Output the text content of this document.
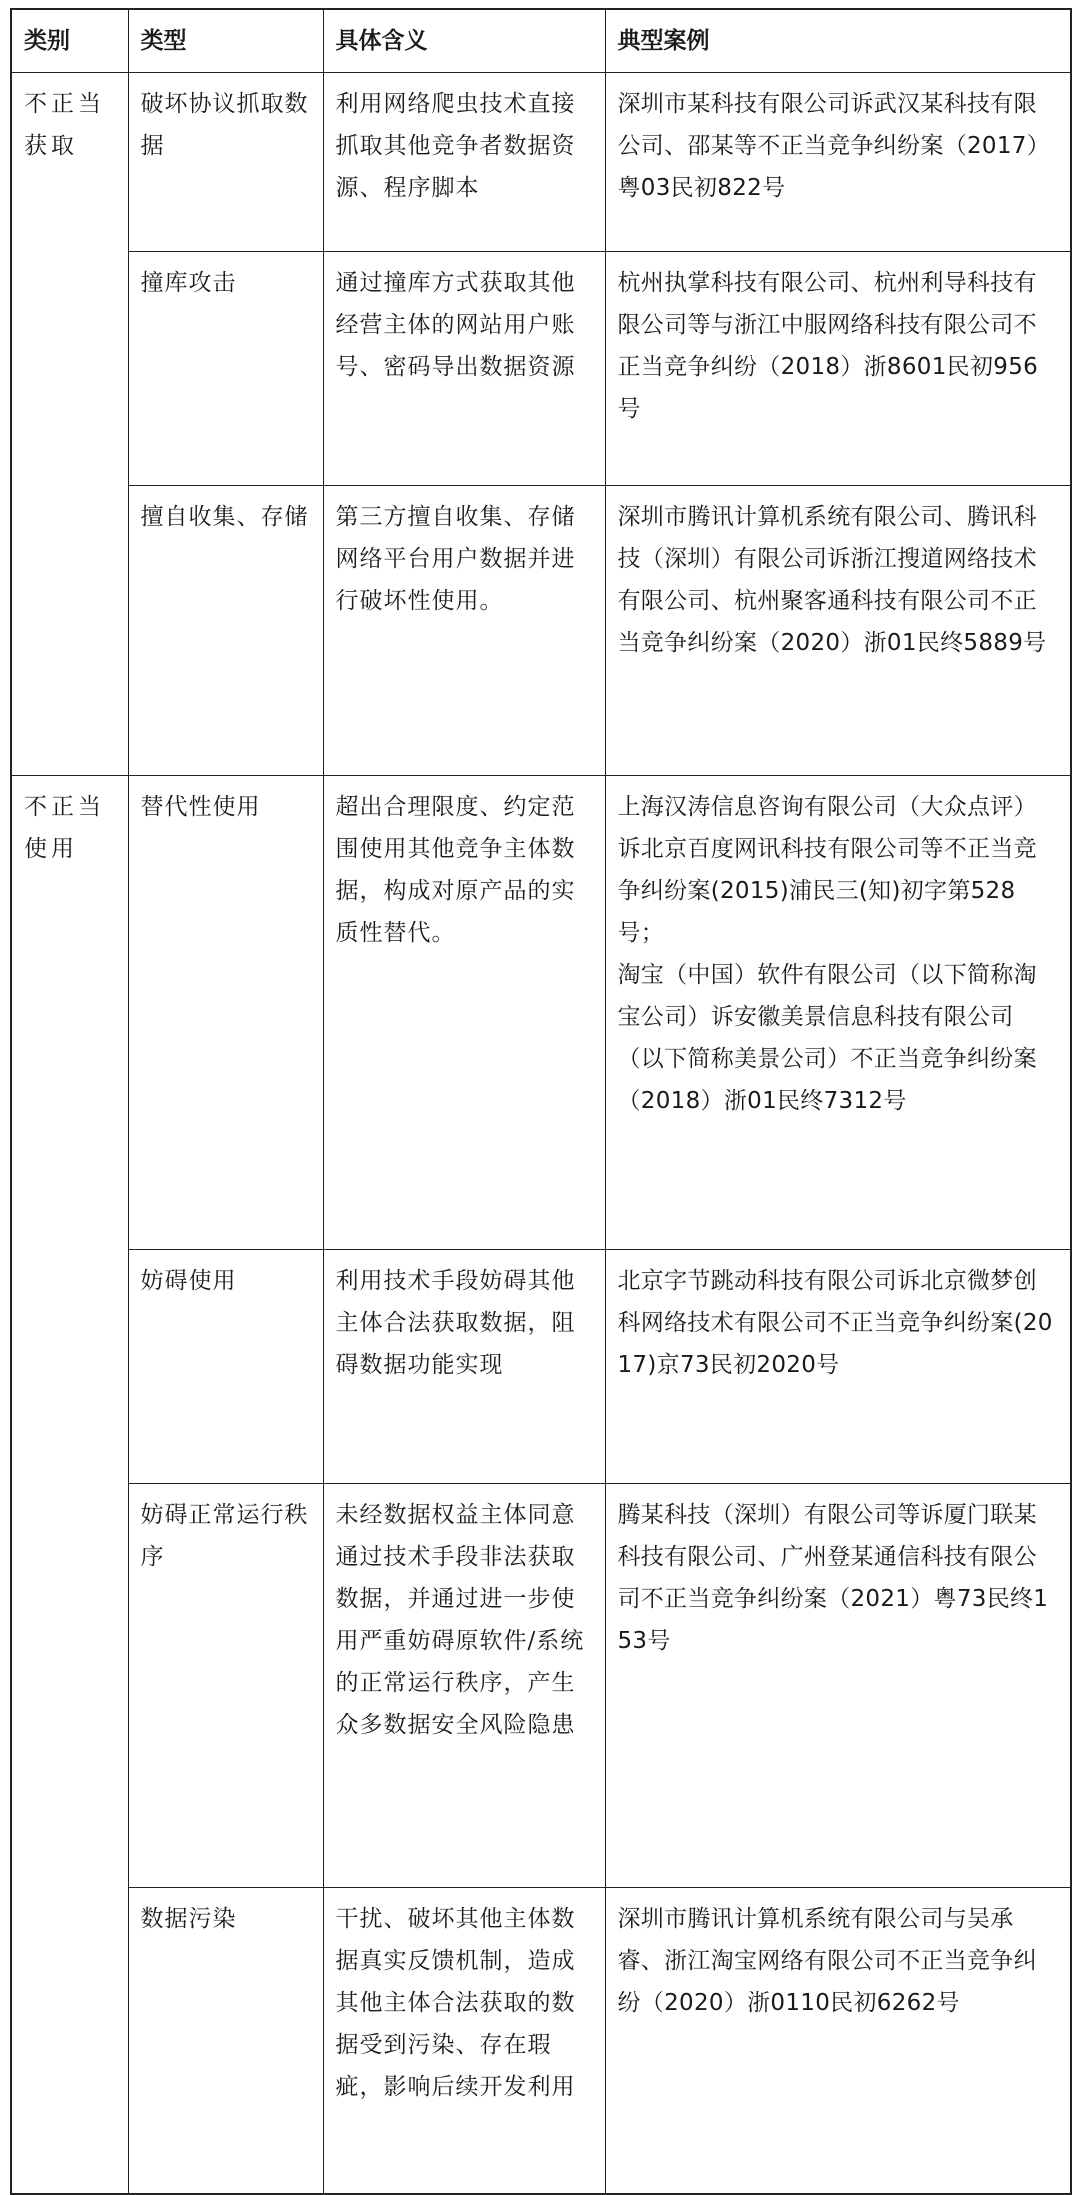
类别	类型	具体含义	典型案例
不正当获取	破坏协议抓取数据	利用网络爬虫技术直接抓取其他竞争者数据资源、程序脚本	深圳市某科技有限公司诉武汉某科技有限公司、邵某等不正当竞争纠纷案（2017）粤03民初822号

	撞库攻击	通过撞库方式获取其他经营主体的网站用户账号、密码导出数据资源	杭州执掌科技有限公司、杭州利导科技有限公司等与浙江中服网络科技有限公司不正当竞争纠纷（2018）浙8601民初956号

	擅自收集、存储	第三方擅自收集、存储网络平台用户数据并进行破坏性使用。	深圳市腾讯计算机系统有限公司、腾讯科技（深圳）有限公司诉浙江搜道网络技术有限公司、杭州聚客通科技有限公司不正当竞争纠纷案（2020）浙01民终5889号

不正当使用	替代性使用	超出合理限度、约定范围使用其他竞争主体数据，构成对原产品的实质性替代。	上海汉涛信息咨询有限公司（大众点评）诉北京百度网讯科技有限公司等不正当竞争纠纷案(2015)浦民三(知)初字第528号；
淘宝（中国）软件有限公司（以下简称淘宝公司）诉安徽美景信息科技有限公司（以下简称美景公司）不正当竞争纠纷案（2018）浙01民终7312号

	妨碍使用	利用技术手段妨碍其他主体合法获取数据，阻碍数据功能实现	北京字节跳动科技有限公司诉北京微梦创科网络技术有限公司不正当竞争纠纷案(2017)京73民初2020号

	妨碍正常运行秩序	未经数据权益主体同意通过技术手段非法获取数据，并通过进一步使用严重妨碍原软件/系统的正常运行秩序，产生众多数据安全风险隐患	腾某科技（深圳）有限公司等诉厦门联某科技有限公司、广州登某通信科技有限公司不正当竞争纠纷案（2021）粤73民终153号

	数据污染	干扰、破坏其他主体数据真实反馈机制，造成其他主体合法获取的数据受到污染、存在瑕疵，影响后续开发利用	深圳市腾讯计算机系统有限公司与吴承睿、浙江淘宝网络有限公司不正当竞争纠纷（2020）浙0110民初6262号
